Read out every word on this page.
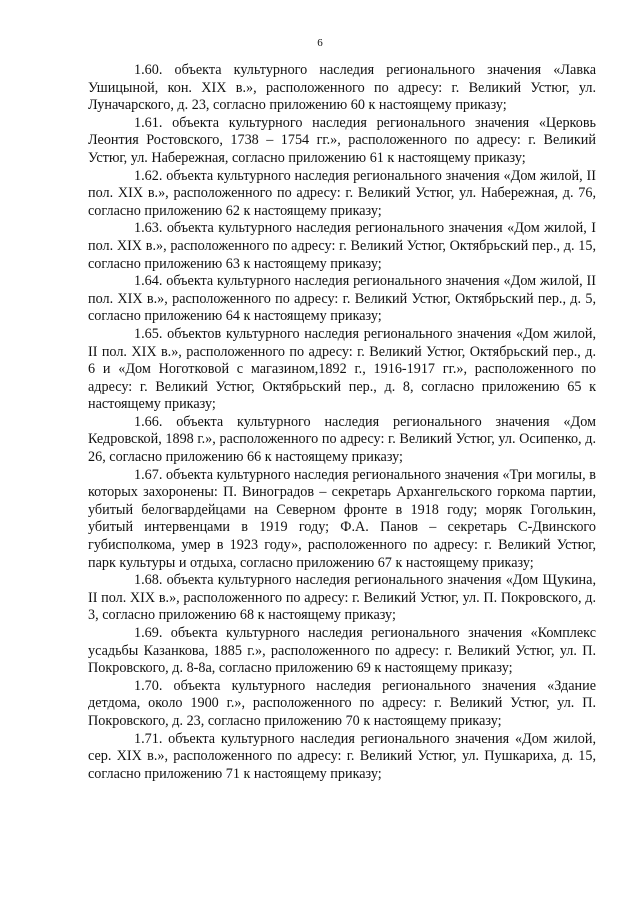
6

1.60. объекта культурного наследия регионального значения «Лавка Ушицыной, кон. XIX в.», расположенного по адресу: г. Великий Устюг, ул. Луначарского, д. 23, согласно приложению 60 к настоящему приказу;

1.61. объекта культурного наследия регионального значения «Церковь Леонтия Ростовского, 1738 – 1754 гг.», расположенного по адресу: г. Великий Устюг, ул. Набережная, согласно приложению 61 к настоящему приказу;

1.62. объекта культурного наследия регионального значения «Дом жилой, II пол. XIX в.», расположенного по адресу: г. Великий Устюг, ул. Набережная, д. 76, согласно приложению 62 к настоящему приказу;

1.63. объекта культурного наследия регионального значения «Дом жилой, I пол. XIX в.», расположенного по адресу: г. Великий Устюг, Октябрьский пер., д. 15, согласно приложению 63 к настоящему приказу;

1.64. объекта культурного наследия регионального значения «Дом жилой, II пол. XIX в.», расположенного по адресу: г. Великий Устюг, Октябрьский пер., д. 5, согласно приложению 64 к настоящему приказу;

1.65. объектов культурного наследия регионального значения «Дом жилой, II пол. XIX в.», расположенного по адресу: г. Великий Устюг, Октябрьский пер., д. 6 и «Дом Ноготковой с магазином,1892 г., 1916-1917 гг.», расположенного по адресу: г. Великий Устюг, Октябрьский пер., д. 8, согласно приложению 65 к настоящему приказу;

1.66. объекта культурного наследия регионального значения «Дом Кедровской, 1898 г.», расположенного по адресу: г. Великий Устюг, ул. Осипенко, д. 26, согласно приложению 66 к настоящему приказу;

1.67. объекта культурного наследия регионального значения «Три могилы, в которых захоронены: П. Виноградов – секретарь Архангельского горкома партии, убитый белогвардейцами на Северном фронте в 1918 году; моряк Гоголькин, убитый интервенцами в 1919 году; Ф.А. Панов – секретарь С-Двинского губисполкома, умер в 1923 году», расположенного по адресу: г. Великий Устюг, парк культуры и отдыха, согласно приложению 67 к настоящему приказу;

1.68. объекта культурного наследия регионального значения «Дом Щукина, II пол. XIX в.», расположенного по адресу: г. Великий Устюг, ул. П. Покровского, д. 3, согласно приложению 68 к настоящему приказу;

1.69. объекта культурного наследия регионального значения «Комплекс усадьбы Казанкова, 1885 г.», расположенного по адресу: г. Великий Устюг, ул. П. Покровского, д. 8-8а, согласно приложению 69 к настоящему приказу;

1.70. объекта культурного наследия регионального значения «Здание детдома, около 1900 г.», расположенного по адресу: г. Великий Устюг, ул. П. Покровского, д. 23, согласно приложению 70 к настоящему приказу;

1.71. объекта культурного наследия регионального значения «Дом жилой, сер. XIX в.», расположенного по адресу: г. Великий Устюг, ул. Пушкариха, д. 15, согласно приложению 71 к настоящему приказу;
